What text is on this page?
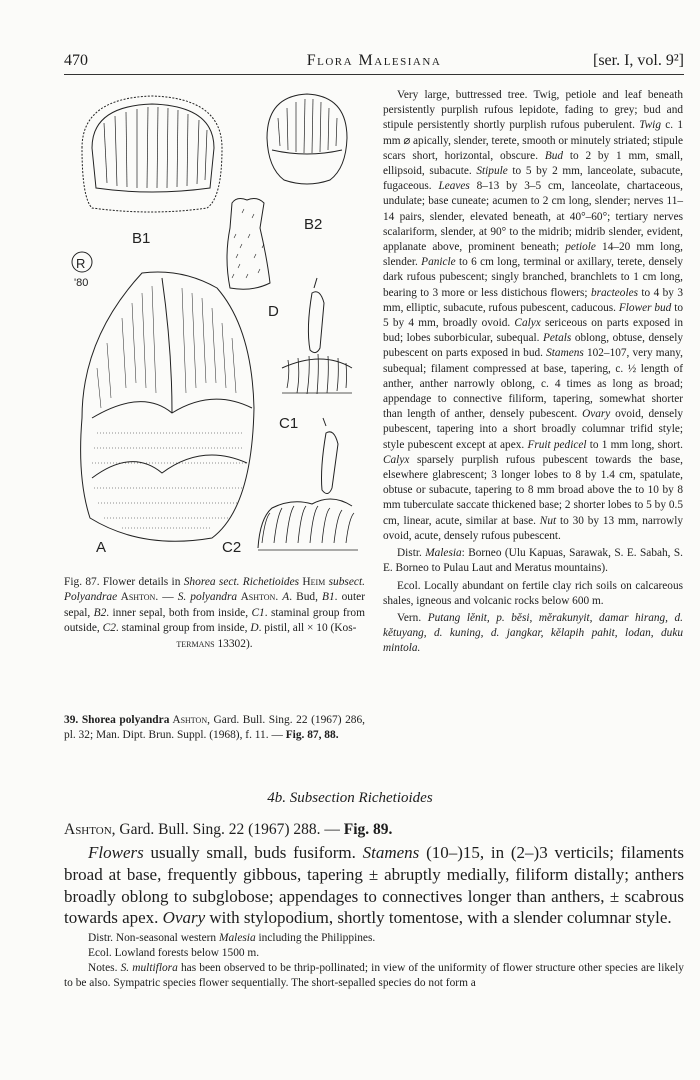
470	Flora Malesiana	[ser. I, vol. 9²]
B1
B2
R
'80
D
A
C1
C2
Fig. 87. Flower details in Shorea sect. Richetioides Heim subsect. Polyandrae Ashton. — S. polyandra Ashton. A. Bud, B1. outer sepal, B2. inner sepal, both from inside, C1. staminal group from outside, C2. staminal group from inside, D. pistil, all × 10 (Kos-
termans 13302).
39. Shorea polyandra Ashton, Gard. Bull. Sing. 22 (1967) 286, pl. 32; Man. Dipt. Brun. Suppl. (1968), f. 11. — Fig. 87, 88.

Very large, buttressed tree. Twig, petiole and leaf beneath persistently purplish rufous lepidote, fading to grey; bud and stipule persistently shortly purplish rufous puberulent. Twig c. 1 mm ⌀ apically, slender, terete, smooth or minutely striated; stipule scars short, horizontal, obscure. Bud to 2 by 1 mm, small, ellipsoid, subacute. Stipule to 5 by 2 mm, lanceolate, subacute, fugaceous. Leaves 8–13 by 3–5 cm, lanceolate, chartaceous, undulate; base cuneate; acumen to 2 cm long, slender; nerves 11–14 pairs, slender, elevated beneath, at 40°–60°; tertiary nerves scalariform, slender, at 90° to the midrib; midrib slender, evident, applanate above, prominent beneath; petiole 14–20 mm long, slender. Panicle to 6 cm long, terminal or axillary, terete, densely dark rufous pubescent; singly branched, branchlets to 1 cm long, bearing to 3 more or less distichous flowers; bracteoles to 4 by 3 mm, elliptic, subacute, rufous pubescent, caducous. Flower bud to 5 by 4 mm, broadly ovoid. Calyx sericeous on parts exposed in bud; lobes suborbicular, subequal. Petals oblong, obtuse, densely pubescent on parts exposed in bud. Stamens 102–107, very many, subequal; filament compressed at base, tapering, c. ½ length of anther, anther narrowly oblong, c. 4 times as long as broad; appendage to connective filiform, tapering, somewhat shorter than length of anther, densely pubescent. Ovary ovoid, densely pubescent, tapering into a short broadly columnar trifid style; style pubescent except at apex. Fruit pedicel to 1 mm long, short. Calyx sparsely purplish rufous pubescent towards the base, elsewhere glabrescent; 3 longer lobes to 8 by 1.4 cm, spatulate, obtuse or subacute, tapering to 8 mm broad above the to 10 by 8 mm tuberculate saccate thickened base; 2 shorter lobes to 5 by 0.5 cm, linear, acute, similar at base. Nut to 30 by 13 mm, narrowly ovoid, acute, densely rufous pubescent.

Distr. Malesia: Borneo (Ulu Kapuas, Sarawak, S. E. Sabah, S. E. Borneo to Pulau Laut and Meratus mountains).

Ecol. Locally abundant on fertile clay rich soils on calcareous shales, igneous and volcanic rocks below 600 m.

Vern. Putang lĕnit, p. bĕsi, mĕrakunyit, damar hirang, d. kĕtuyang, d. kuning, d. jangkar, kĕlapih pahit, lodan, duku mintola.

4b. Subsection Richetioides
Ashton, Gard. Bull. Sing. 22 (1967) 288. — Fig. 89.

Flowers usually small, buds fusiform. Stamens (10–)15, in (2–)3 verticils; filaments broad at base, frequently gibbous, tapering ± abruptly medially, filiform distally; anthers broadly oblong to subglobose; appendages to connectives longer than anthers, ± scabrous towards apex. Ovary with stylopodium, shortly tomentose, with a slender columnar style.

Distr. Non-seasonal western Malesia including the Philippines.

Ecol. Lowland forests below 1500 m.

Notes. S. multiflora has been observed to be thrip-pollinated; in view of the uniformity of flower structure other species are likely to be also. Sympatric species flower sequentially. The short-sepalled species do not form a
